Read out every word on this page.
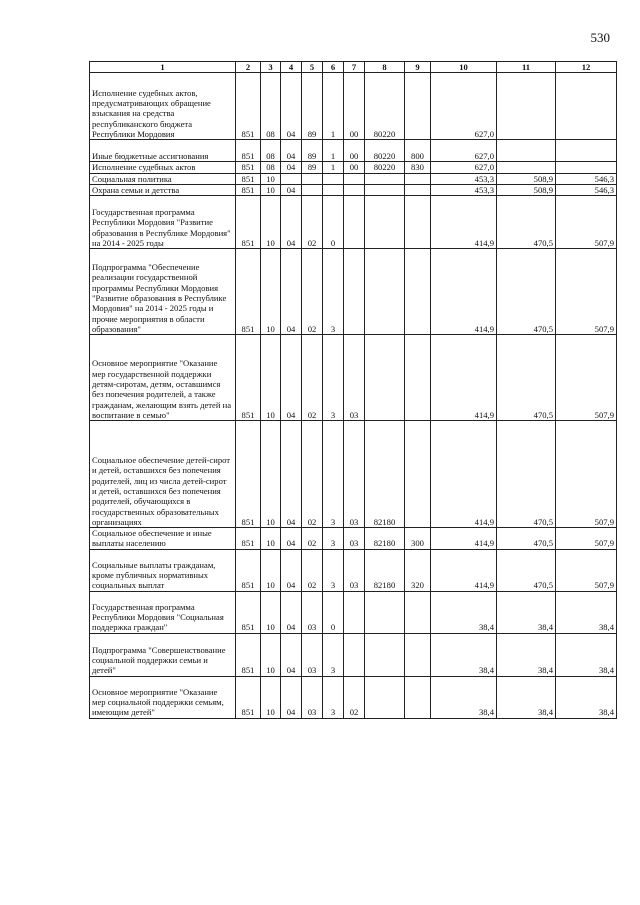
530
1	2	3	4	5	6	7	8	9	10	11	12
Исполнение судебных актов, предусматривающих обращение взыскания на средства республиканского бюджета Республики Мордовия	851	08	04	89	1	00	80220		627,0		
Иные бюджетные ассигнования	851	08	04	89	1	00	80220	800	627,0		
Исполнение судебных актов	851	08	04	89	1	00	80220	830	627,0		
Социальная политика	851	10							453,3	508,9	546,3
Охрана семьи и детства	851	10	04						453,3	508,9	546,3
Государственная программа Республики Мордовия "Развитие образования в Республике Мордовия" на 2014 - 2025 годы	851	10	04	02	0				414,9	470,5	507,9
Подпрограмма "Обеспечение реализации государственной программы Республики Мордовия "Развитие образования в Республике Мордовия" на 2014 - 2025 годы и прочие мероприятия в области образования"	851	10	04	02	3				414,9	470,5	507,9
Основное мероприятие "Оказание мер государственной поддержки детям-сиротам, детям, оставшимся без попечения родителей, а также гражданам, желающим взять детей на воспитание в семью"	851	10	04	02	3	03			414,9	470,5	507,9
Социальное обеспечение детей-сирот и детей, оставшихся без попечения родителей, лиц из числа детей-сирот и детей, оставшихся без попечения родителей, обучающихся в государственных образовательных организациях	851	10	04	02	3	03	82180		414,9	470,5	507,9
Социальное обеспечение и иные выплаты населению	851	10	04	02	3	03	82180	300	414,9	470,5	507,9
Социальные выплаты гражданам, кроме публичных нормативных социальных выплат	851	10	04	02	3	03	82180	320	414,9	470,5	507,9
Государственная программа Республики Мордовия "Социальная поддержка граждан"	851	10	04	03	0				38,4	38,4	38,4
Подпрограмма "Совершенствование социальной поддержки семьи и детей"	851	10	04	03	3				38,4	38,4	38,4
Основное мероприятие "Оказание мер социальной поддержки семьям, имеющим детей"	851	10	04	03	3	02			38,4	38,4	38,4
